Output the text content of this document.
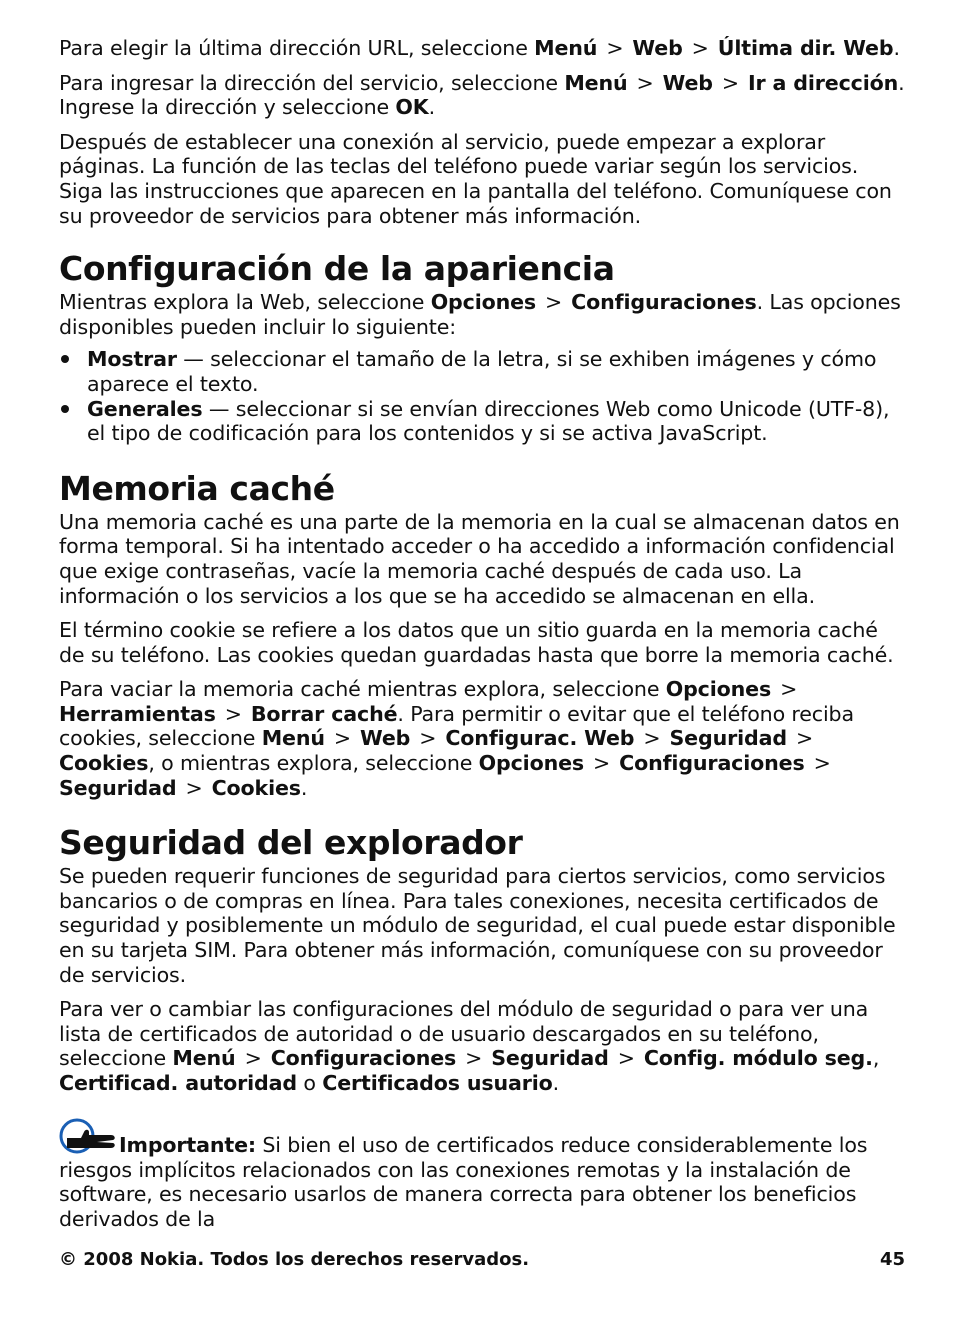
Para elegir la última dirección URL, seleccione Menú > Web > Última dir. Web.

Para ingresar la dirección del servicio, seleccione Menú > Web > Ir a dirección. Ingrese la dirección y seleccione OK.

Después de establecer una conexión al servicio, puede empezar a explorar páginas. La función de las teclas del teléfono puede variar según los servicios. Siga las instrucciones que aparecen en la pantalla del teléfono. Comuníquese con su proveedor de servicios para obtener más información.

Configuración de la apariencia

Mientras explora la Web, seleccione Opciones > Configuraciones. Las opciones disponibles pueden incluir lo siguiente:

Mostrar — seleccionar el tamaño de la letra, si se exhiben imágenes y cómo aparece el texto.
Generales — seleccionar si se envían direcciones Web como Unicode (UTF-8), el tipo de codificación para los contenidos y si se activa JavaScript.
Memoria caché

Una memoria caché es una parte de la memoria en la cual se almacenan datos en forma temporal. Si ha intentado acceder o ha accedido a información confidencial que exige contraseñas, vacíe la memoria caché después de cada uso. La información o los servicios a los que se ha accedido se almacenan en ella.

El término cookie se refiere a los datos que un sitio guarda en la memoria caché de su teléfono. Las cookies quedan guardadas hasta que borre la memoria caché.

Para vaciar la memoria caché mientras explora, seleccione Opciones >Herramientas > Borrar caché. Para permitir o evitar que el teléfono reciba cookies, seleccione Menú > Web > Configurac. Web > Seguridad >Cookies, o mientras explora, seleccione Opciones > Configuraciones >Seguridad > Cookies.

Seguridad del explorador

Se pueden requerir funciones de seguridad para ciertos servicios, como servicios bancarios o de compras en línea. Para tales conexiones, necesita certificados de seguridad y posiblemente un módulo de seguridad, el cual puede estar disponible en su tarjeta SIM. Para obtener más información, comuníquese con su proveedor de servicios.

Para ver o cambiar las configuraciones del módulo de seguridad o para ver una lista de certificados de autoridad o de usuario descargados en su teléfono, seleccione Menú > Configuraciones > Seguridad > Config. módulo seg., Certificad. autoridad o Certificados usuario.

Importante: Si bien el uso de certificados reduce considerablemente los riesgos implícitos relacionados con las conexiones remotas y la instalación de software, es necesario usarlos de manera correcta para obtener los beneficios derivados de la

© 2008 Nokia. Todos los derechos reservados.	45
